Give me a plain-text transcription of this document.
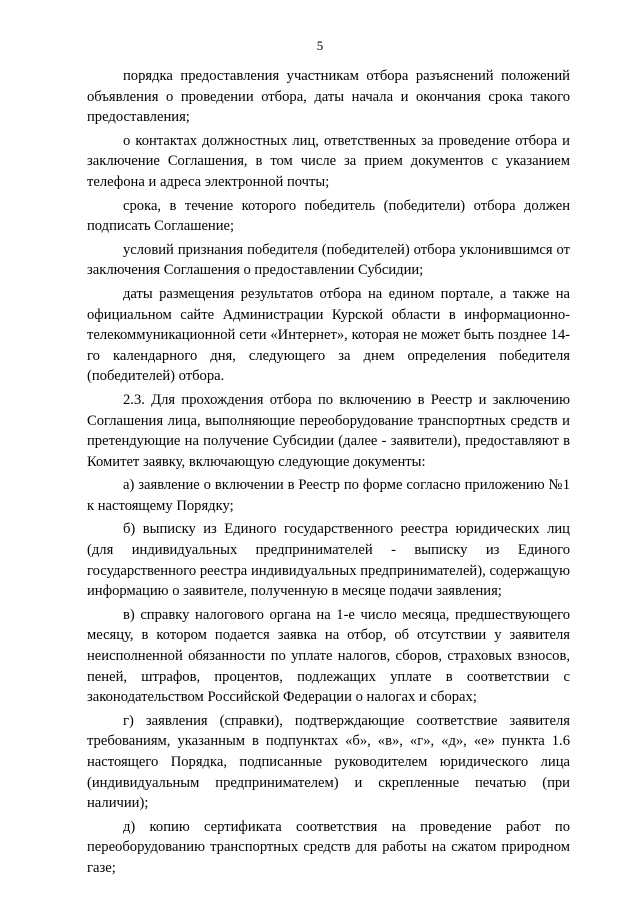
5

порядка предоставления участникам отбора разъяснений положений объявления о проведении отбора, даты начала и окончания срока такого предоставления;

о контактах должностных лиц, ответственных за проведение отбора и заключение Соглашения, в том числе за прием документов с указанием телефона и адреса электронной почты;

срока, в течение которого победитель (победители) отбора должен подписать Соглашение;

условий признания победителя (победителей) отбора уклонившимся от заключения Соглашения о предоставлении Субсидии;

даты размещения результатов отбора на едином портале, а также на официальном сайте Администрации Курской области в информационно-телекоммуникационной сети «Интернет», которая не может быть позднее 14-го календарного дня, следующего за днем определения победителя (победителей) отбора.

2.3. Для прохождения отбора по включению в Реестр и заключению Соглашения лица, выполняющие переоборудование транспортных средств и претендующие на получение Субсидии (далее - заявители), предоставляют в Комитет заявку, включающую следующие документы:

а) заявление о включении в Реестр по форме согласно приложению №1 к настоящему Порядку;

б) выписку из Единого государственного реестра юридических лиц (для индивидуальных предпринимателей - выписку из Единого государственного реестра индивидуальных предпринимателей), содержащую информацию о заявителе, полученную в месяце подачи заявления;

в) справку налогового органа на 1-е число месяца, предшествующего месяцу, в котором подается заявка на отбор, об отсутствии у заявителя неисполненной обязанности по уплате налогов, сборов, страховых взносов, пеней, штрафов, процентов, подлежащих уплате в соответствии с законодательством Российской Федерации о налогах и сборах;

г) заявления (справки), подтверждающие соответствие заявителя требованиям, указанным в подпунктах «б», «в», «г», «д», «е» пункта 1.6 настоящего Порядка, подписанные руководителем юридического лица (индивидуальным предпринимателем) и скрепленные печатью (при наличии);

д) копию сертификата соответствия на проведение работ по переоборудованию транспортных средств для работы на сжатом природном газе;
